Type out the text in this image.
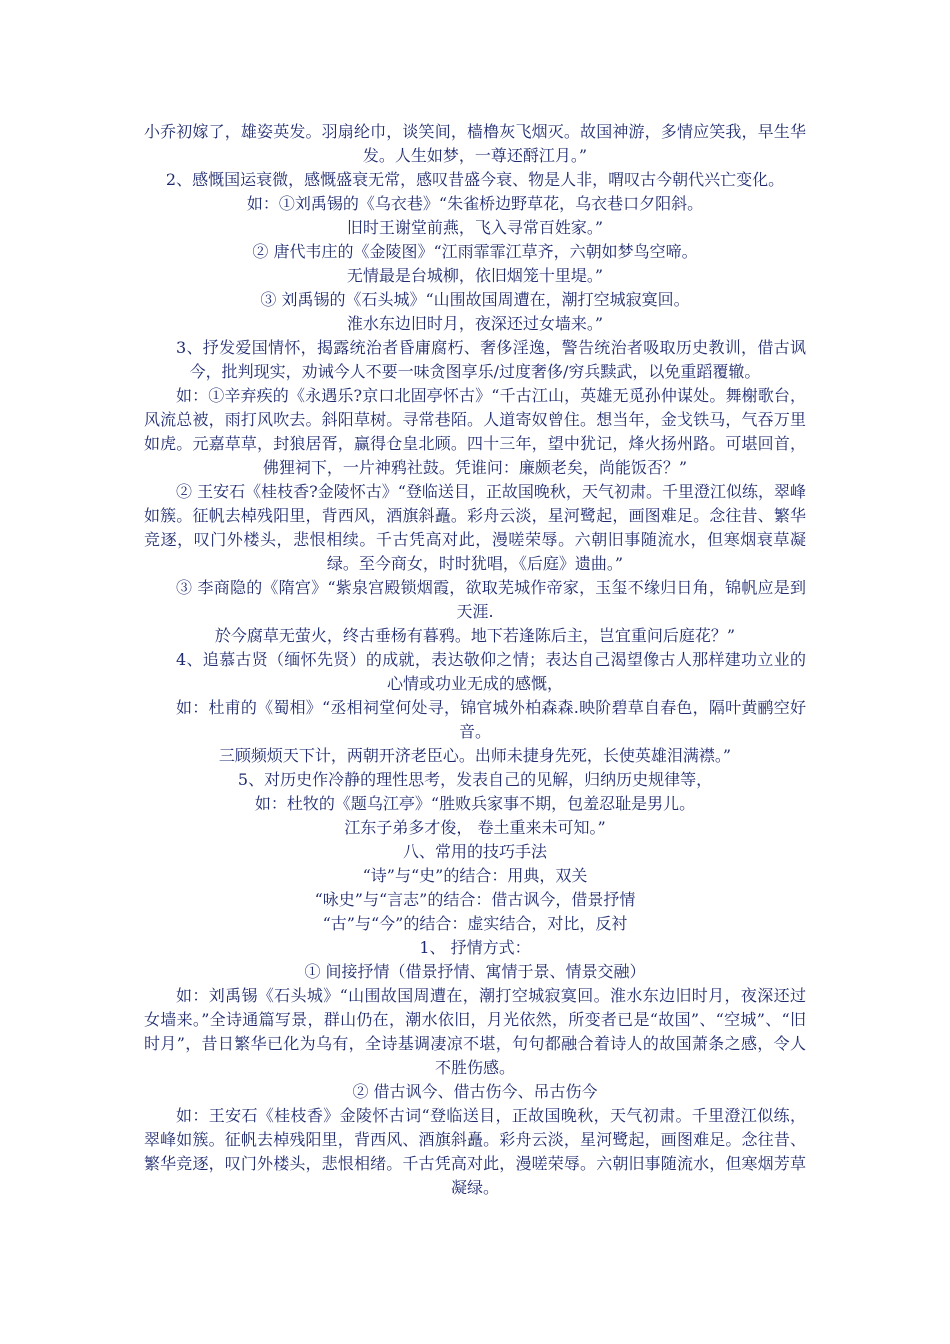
小乔初嫁了，雄姿英发。羽扇纶巾，谈笑间，樯橹灰飞烟灭。故国神游，多情应笑我，早生华发。人生如梦，一尊还酹江月。”

2、感慨国运衰微，感慨盛衰无常，感叹昔盛今衰、物是人非，喟叹古今朝代兴亡变化。

如：①刘禹锡的《乌衣巷》“朱雀桥边野草花，乌衣巷口夕阳斜。

旧时王谢堂前燕，飞入寻常百姓家。”

② 唐代韦庄的《金陵图》“江雨霏霏江草齐，六朝如梦鸟空啼。

无情最是台城柳，依旧烟笼十里堤。”

③ 刘禹锡的《石头城》“山围故国周遭在，潮打空城寂寞回。

淮水东边旧时月，夜深还过女墙来。”

3、抒发爱国情怀，揭露统治者昏庸腐朽、奢侈淫逸，警告统治者吸取历史教训，借古讽今，批判现实，劝诫今人不要一味贪图享乐/过度奢侈/穷兵黩武，以免重蹈覆辙。

如：①辛弃疾的《永遇乐?京口北固亭怀古》“千古江山，英雄无觅孙仲谋处。舞榭歌台，风流总被，雨打风吹去。斜阳草树。寻常巷陌。人道寄奴曾住。想当年，金戈铁马，气吞万里如虎。元嘉草草，封狼居胥，赢得仓皇北顾。四十三年，望中犹记，烽火扬州路。可堪回首，佛狸祠下，一片神鸦社鼓。凭谁问：廉颇老矣，尚能饭否？”

② 王安石《桂枝香?金陵怀古》“登临送目，正故国晚秋，天气初肃。千里澄江似练，翠峰如簇。征帆去棹残阳里，背西风，酒旗斜矗。彩舟云淡，星河鹭起，画图难足。念往昔、繁华竞逐，叹门外楼头，悲恨相续。千古凭高对此，漫嗟荣辱。六朝旧事随流水，但寒烟衰草凝绿。至今商女，时时犹唱，《后庭》遗曲。”

③ 李商隐的《隋宫》“紫泉宫殿锁烟霞，欲取芜城作帝家，玉玺不缘归日角，锦帆应是到天涯.

於今腐草无萤火，终古垂杨有暮鸦。地下若逢陈后主，岂宜重问后庭花？”

4、追慕古贤（缅怀先贤）的成就，表达敬仰之情；表达自己渴望像古人那样建功立业的心情或功业无成的感慨，

如：杜甫的《蜀相》“丞相祠堂何处寻，锦官城外柏森森.映阶碧草自春色，隔叶黄鹂空好音。

三顾频烦天下计，两朝开济老臣心。出师未捷身先死，长使英雄泪满襟。”

5、对历史作冷静的理性思考，发表自己的见解，归纳历史规律等，

如：杜牧的《题乌江亭》“胜败兵家事不期，包羞忍耻是男儿。

江东子弟多才俊， 卷土重来未可知。”

八、常用的技巧手法

“诗”与“史”的结合：用典，双关

“咏史”与“言志”的结合：借古讽今，借景抒情

“古”与“今”的结合：虚实结合，对比，反衬

1、 抒情方式：

① 间接抒情（借景抒情、寓情于景、情景交融）

如：刘禹锡《石头城》“山围故国周遭在，潮打空城寂寞回。淮水东边旧时月，夜深还过女墙来。”全诗通篇写景，群山仍在，潮水依旧，月光依然，所变者已是“故国”、“空城”、“旧时月”，昔日繁华已化为乌有，全诗基调凄凉不堪，句句都融合着诗人的故国萧条之感，令人不胜伤感。

② 借古讽今、借古伤今、吊古伤今

如：王安石《桂枝香》金陵怀古词“登临送目，正故国晚秋，天气初肃。千里澄江似练，翠峰如簇。征帆去棹残阳里，背西风、酒旗斜矗。彩舟云淡，星河鹭起，画图难足。念往昔、繁华竞逐，叹门外楼头，悲恨相绪。千古凭高对此，漫嗟荣辱。六朝旧事随流水，但寒烟芳草凝绿。
